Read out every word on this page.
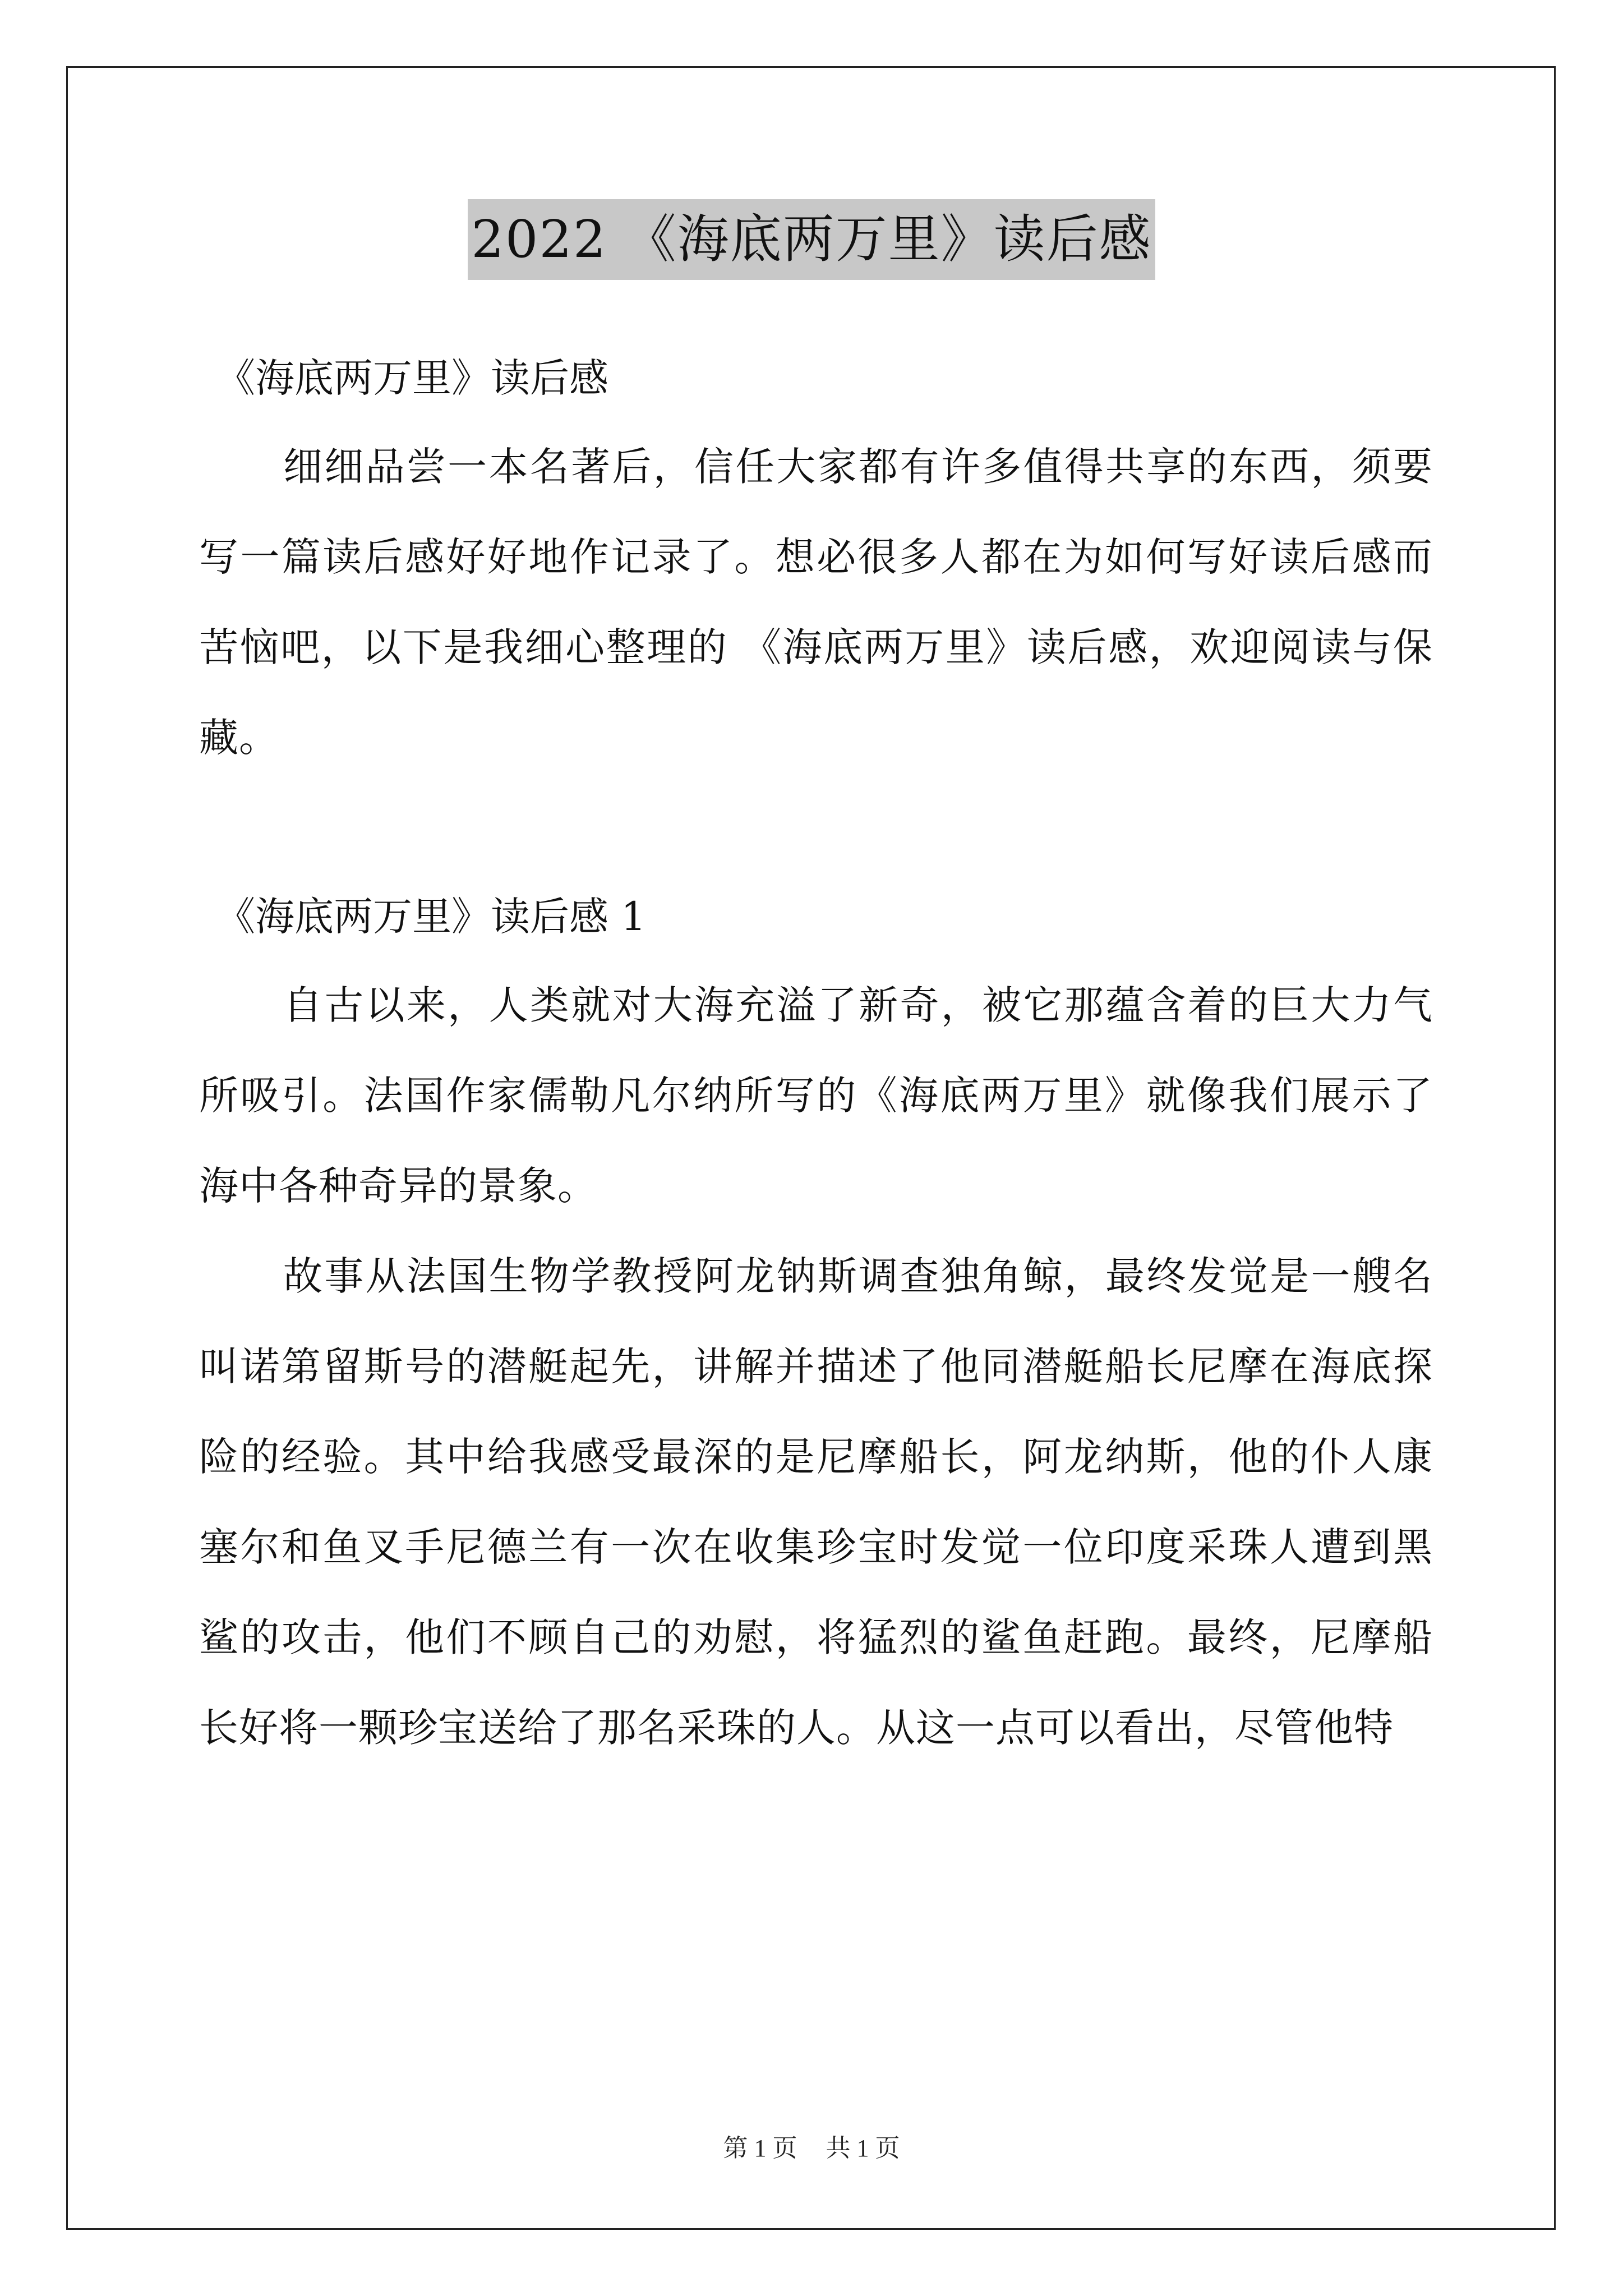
2022 《海底两万里》读后感

《海底两万里》读后感

细细品尝一本名著后，信任大家都有许多值得共享的东西，须要写一篇读后感好好地作记录了。想必很多人都在为如何写好读后感而苦恼吧，以下是我细心整理的 《海底两万里》读后感，欢迎阅读与保藏。

《海底两万里》读后感 1

自古以来，人类就对大海充溢了新奇，被它那蕴含着的巨大力气所吸引。法国作家儒勒凡尔纳所写的《海底两万里》就像我们展示了海中各种奇异的景象。

故事从法国生物学教授阿龙钠斯调查独角鲸，最终发觉是一艘名叫诺第留斯号的潜艇起先，讲解并描述了他同潜艇船长尼摩在海底探险的经验。其中给我感受最深的是尼摩船长，阿龙纳斯，他的仆人康塞尔和鱼叉手尼德兰有一次在收集珍宝时发觉一位印度采珠人遭到黑鲨的攻击，他们不顾自己的劝慰，将猛烈的鲨鱼赶跑。最终，尼摩船长好将一颗珍宝送给了那名采珠的人。从这一点可以看出，尽管他特

第 1 页 共 1 页
